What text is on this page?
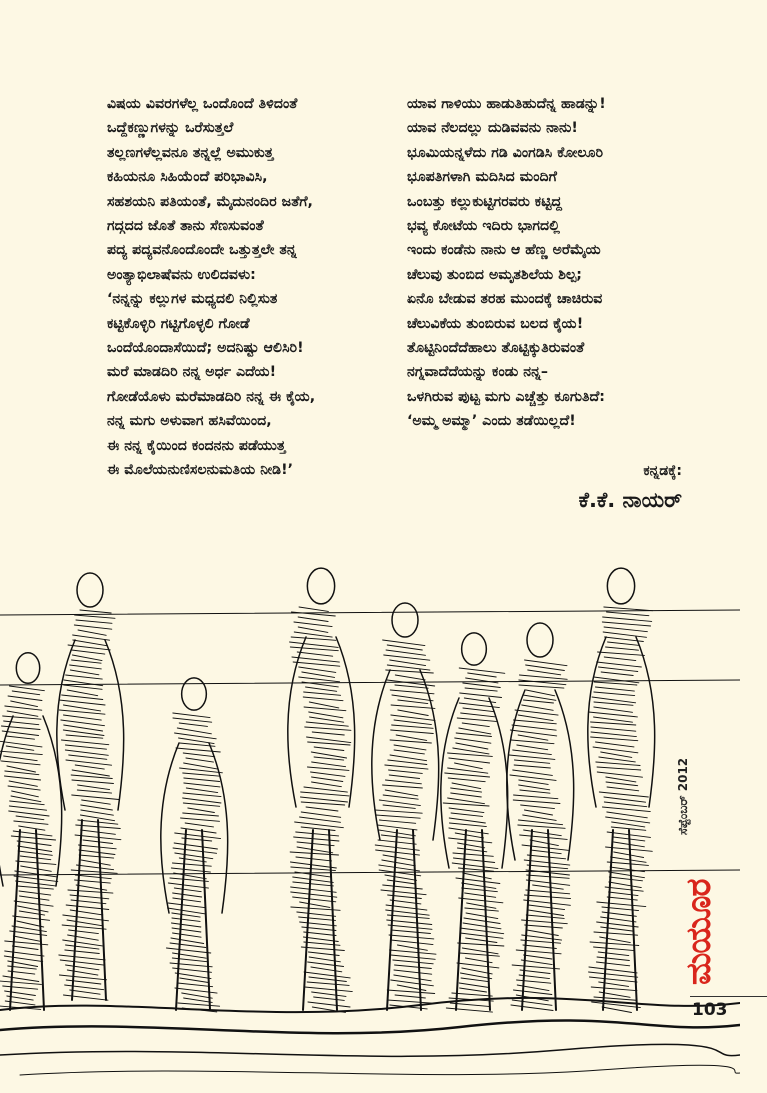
ವಿಷಯ ವಿವರಗಳೆಲ್ಲ ಒಂದೊಂದೆ ತಿಳಿದಂತೆ
ಒದ್ದೆಕಣ್ಣುಗಳನ್ನು ಒರೆಸುತ್ತಲೆ
ತಲ್ಲಣಗಳೆಲ್ಲವನೂ ತನ್ನಲ್ಲೆ ಅಮುಕುತ್ತ
ಕಹಿಯನೂ ಸಿಹಿಯೆಂದೆ ಪರಿಭಾವಿಸಿ,
ಸಹಶಯನಿ ಪತಿಯಂತೆ, ಮೈದುನಂದಿರ ಜತೆಗೆ,
ಗದ್ಗದದ ಜೊತೆ ತಾನು ಸೆಣಸುವಂತೆ
ಪದ್ಯ ಪದ್ಯವನೊಂದೊಂದೇ ಒತ್ತುತ್ತಲೇ ತನ್ನ
ಅಂತ್ಯಾಭಿಲಾಷೆವನು ಉಲಿದವಳು:
‘ನನ್ನನ್ನು ಕಲ್ಲುಗಳ ಮಧ್ಯದಲಿ ನಿಲ್ಲಿಸುತ
ಕಟ್ಟಿಕೊಳ್ಳಿರಿ ಗಟ್ಟಿಗೊಳ್ಳಲಿ ಗೋಡೆ
ಒಂದೆಯೊಂದಾಸೆಯಿದೆ; ಅದನಿಷ್ಟು ಆಲಿಸಿರಿ!
ಮರೆ ಮಾಡದಿರಿ ನನ್ನ ಅರ್ಧ ಎದೆಯ!
ಗೋಡೆಯೊಳು ಮರೆಮಾಡದಿರಿ ನನ್ನ ಈ ಕೈಯ,
ನನ್ನ ಮಗು ಅಳುವಾಗ ಹಸಿವೆಯಿಂದ,
ಈ ನನ್ನ ಕೈಯಿಂದ ಕಂದನನು ಪಡೆಯುತ್ತ
ಈ ಮೊಲೆಯನುಣಿಸಲನುಮತಿಯ ನೀಡಿ!’
ಯಾವ ಗಾಳಿಯು ಹಾಡುತಿಹುದೆನ್ನ ಹಾಡನ್ನು!
ಯಾವ ನೆಲದಲ್ಲು ದುಡಿವವನು ನಾನು!
ಭೂಮಿಯನ್ನಳೆದು ಗಡಿ ವಿಂಗಡಿಸಿ ಕೋಲೂರಿ
ಭೂಪತಿಗಳಾಗಿ ಮದಿಸಿದ ಮಂದಿಗೆ
ಒಂಬತ್ತು ಕಲ್ಲುಕುಟ್ಟಿಗರವರು ಕಟ್ಟಿದ್ದ
ಭವ್ಯ ಕೋಟೆಯ ಇದಿರು ಭಾಗದಲ್ಲಿ
ಇಂದು ಕಂಡೆನು ನಾನು ಆ ಹೆಣ್ಣ ಅರೆಮೈಯ
ಚೆಲುವು ತುಂಬಿದ ಅಮೃತಶಿಲೆಯ ಶಿಲ್ಪ;
ಏನೊ ಬೇಡುವ ತರಹ ಮುಂದಕ್ಕೆ ಚಾಚಿರುವ
ಚೆಲುವಿಕೆಯ ತುಂಬಿರುವ ಬಲದ ಕೈಯ!
ತೊಟ್ಟಿನಿಂದೆದೆಹಾಲು ತೊಟ್ಟಿಕ್ಕುತಿರುವಂತೆ
ನಗ್ನವಾದೆದೆಯನ್ನು ಕಂಡು ನನ್ನ–
ಒಳಗಿರುವ ಪುಟ್ಟ ಮಗು ಎಚ್ಚೆತ್ತು ಕೂಗುತಿದೆ:
‘ಅಮ್ಮ ಅಮ್ಮಾ’ ಎಂದು ತಡೆಯಿಲ್ಲದೆ!
ಕನ್ನಡಕ್ಕೆ:
ಕೆ.ಕೆ. ನಾಯರ್
ಸೆಪ್ಟೆಂಬರ್ 2012
ಮಯೂರ
103
